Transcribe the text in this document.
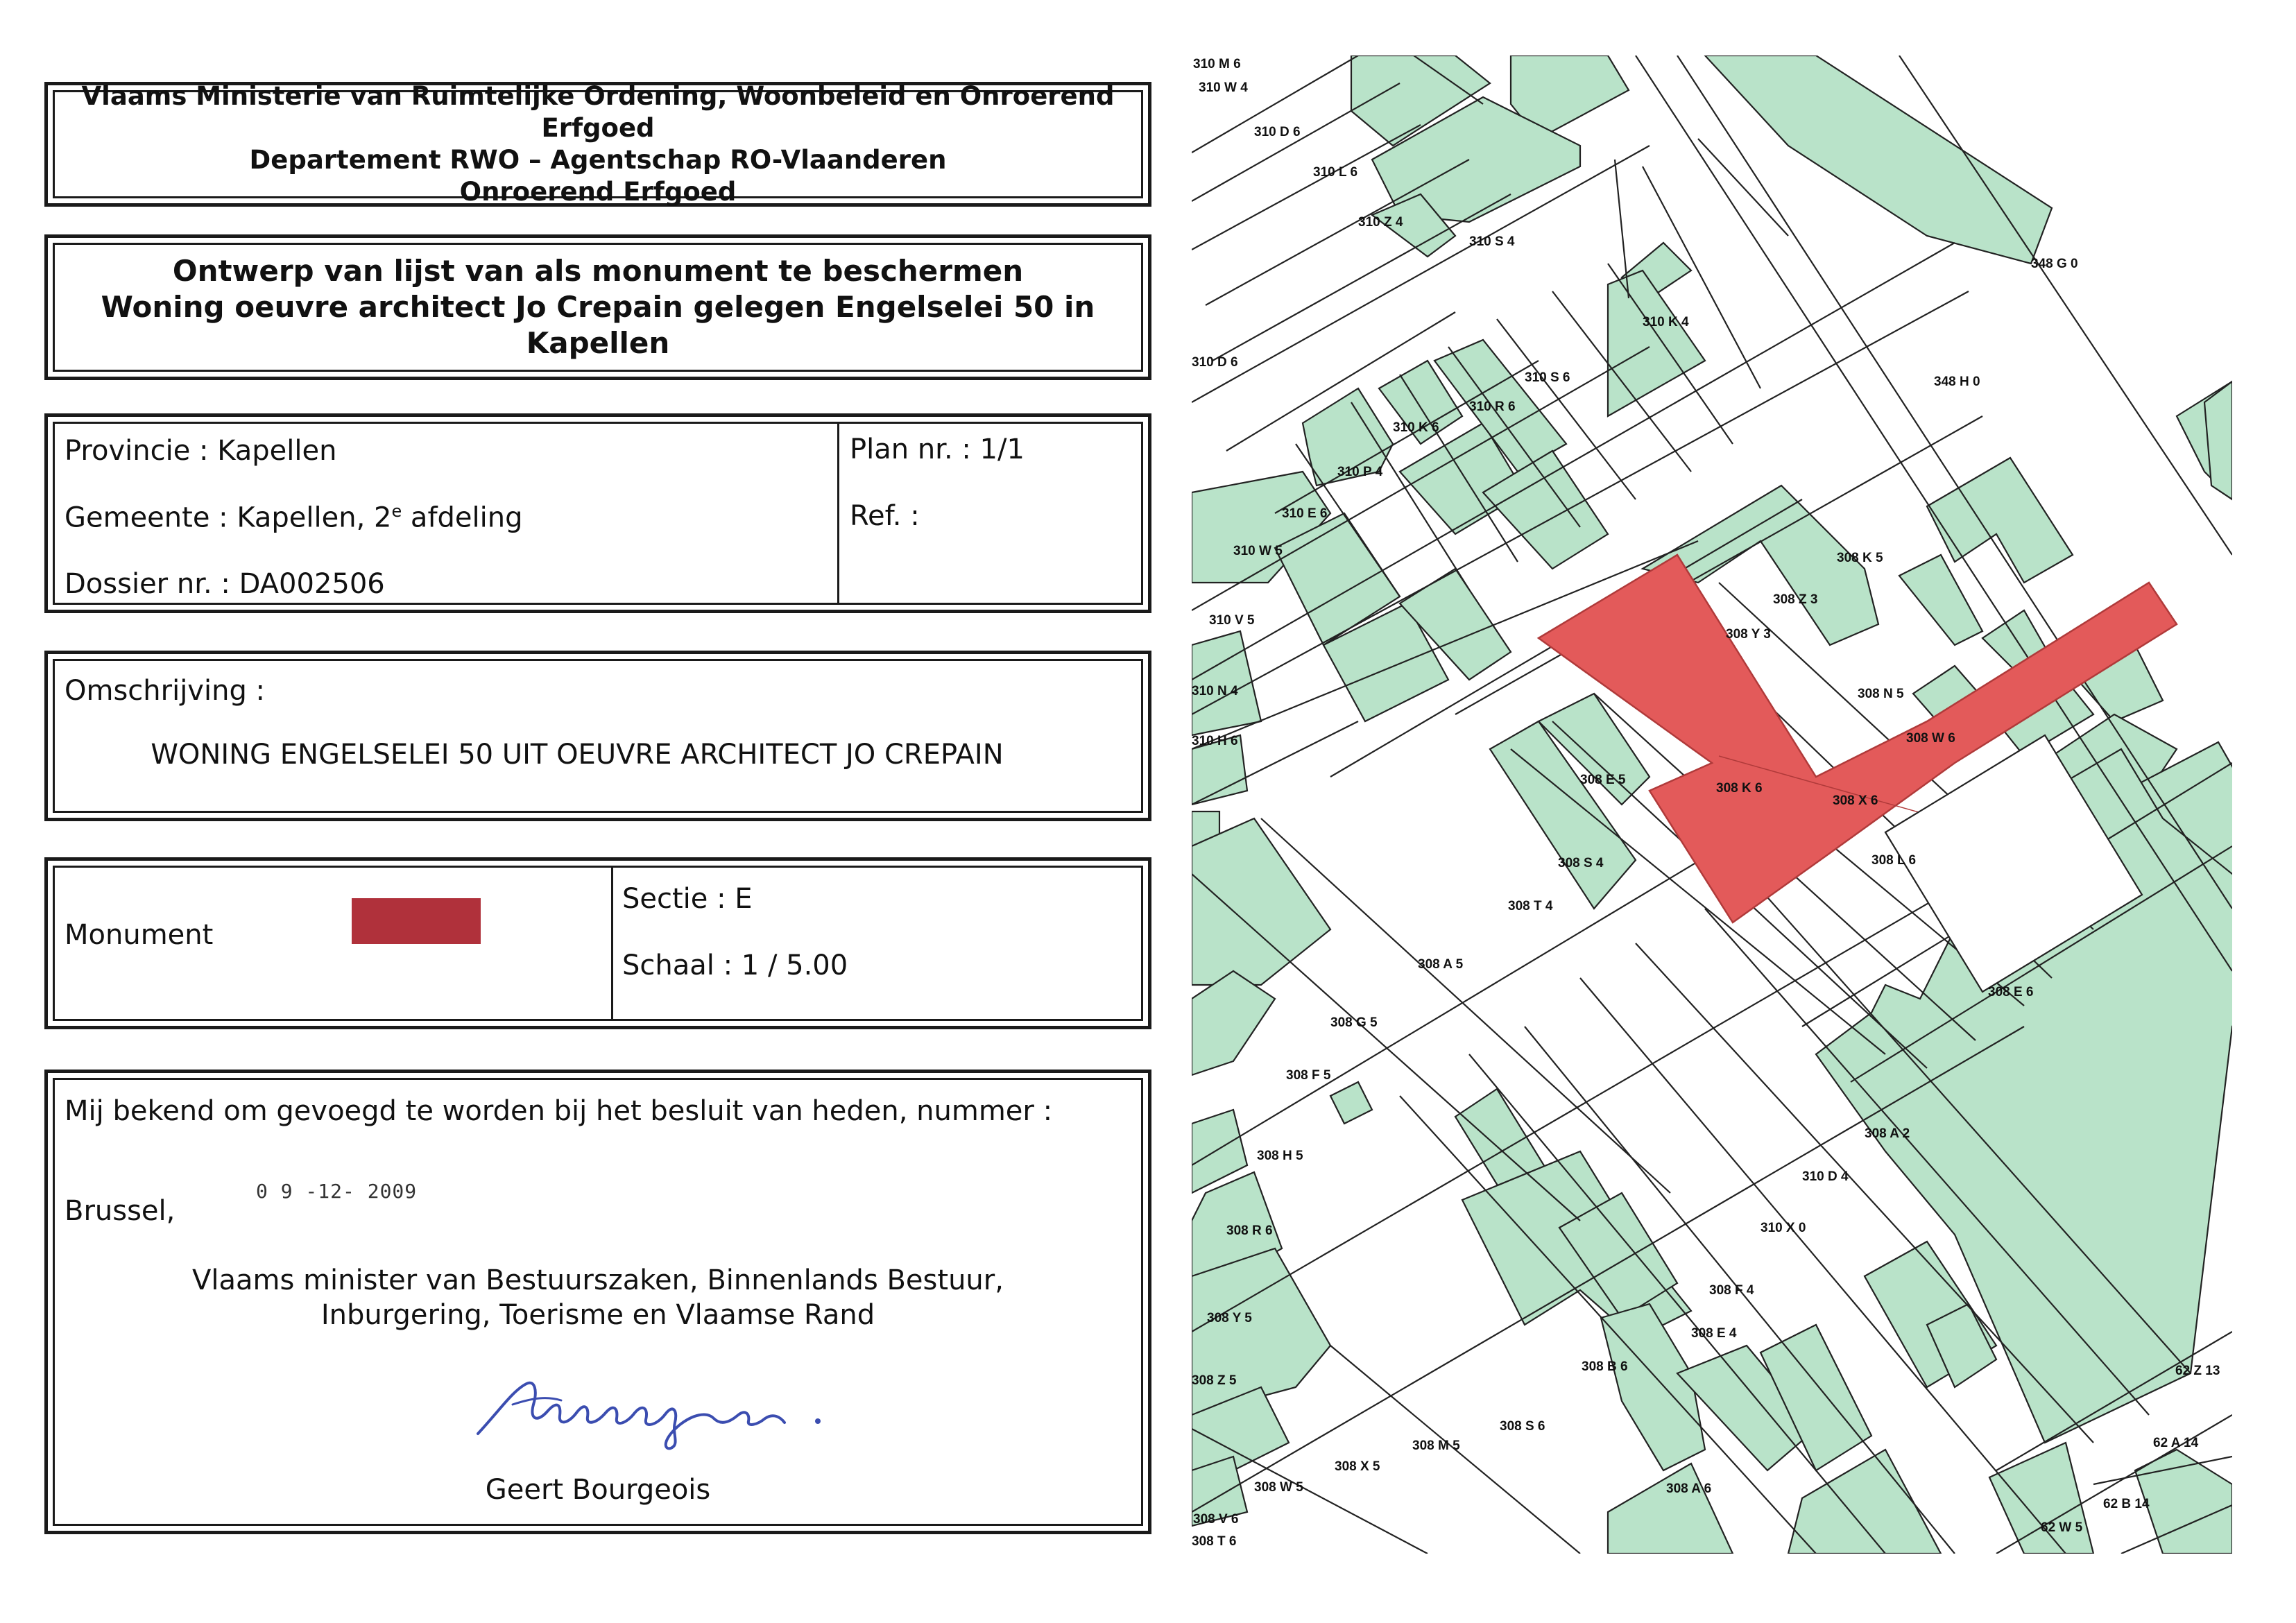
Vlaams Ministerie van Ruimtelijke Ordening, Woonbeleid en Onroerend Erfgoed
Departement RWO – Agentschap RO-Vlaanderen
Onroerend Erfgoed
Ontwerp van lijst van als monument te beschermen
Woning oeuvre architect Jo Crepain gelegen Engelselei 50 in Kapellen
Provincie : Kapellen
Gemeente : Kapellen, 2e afdeling
Dossier nr. : DA002506
Plan nr. : 1/1
Ref. :
Omschrijving :
WONING ENGELSELEI 50 UIT OEUVRE ARCHITECT JO CREPAIN
Monument
Sectie : E
Schaal : 1 / 5.00
Mij bekend om gevoegd te worden bij het besluit van heden, nummer :
Brussel,
0 9 -12- 2009
Vlaams minister van Bestuurszaken, Binnenlands Bestuur,
Inburgering, Toerisme en Vlaamse Rand
Geert Bourgeois
310 M 6
310 W 4
310 D 6
310 L 6
310 Z 4
310 S 4
310 K 4
310 D 6
310 S 6
310 R 6
310 K 6
310 P 4
310 E 6
310 W 5
310 V 5
310 N 4
310 H 6
348 G 0
348 H 0
308 K 5
308 Z 3
308 Y 3
308 N 5
308 W 6
308 E 5
308 K 6
308 X 6
308 L 6
308 S 4
308 T 4
308 A 5
308 E 6
308 G 5
308 F 5
308 H 5
308 A 2
310 D 4
310 X 0
308 R 6
308 F 4
308 E 4
308 Y 5
308 B 6
308 Z 5
308 S 6
308 M 5
308 X 5
308 W 5	308 A 6
308 V 6
308 T 6
62 Z 13
62 A 14
62 B 14
62 W 5
